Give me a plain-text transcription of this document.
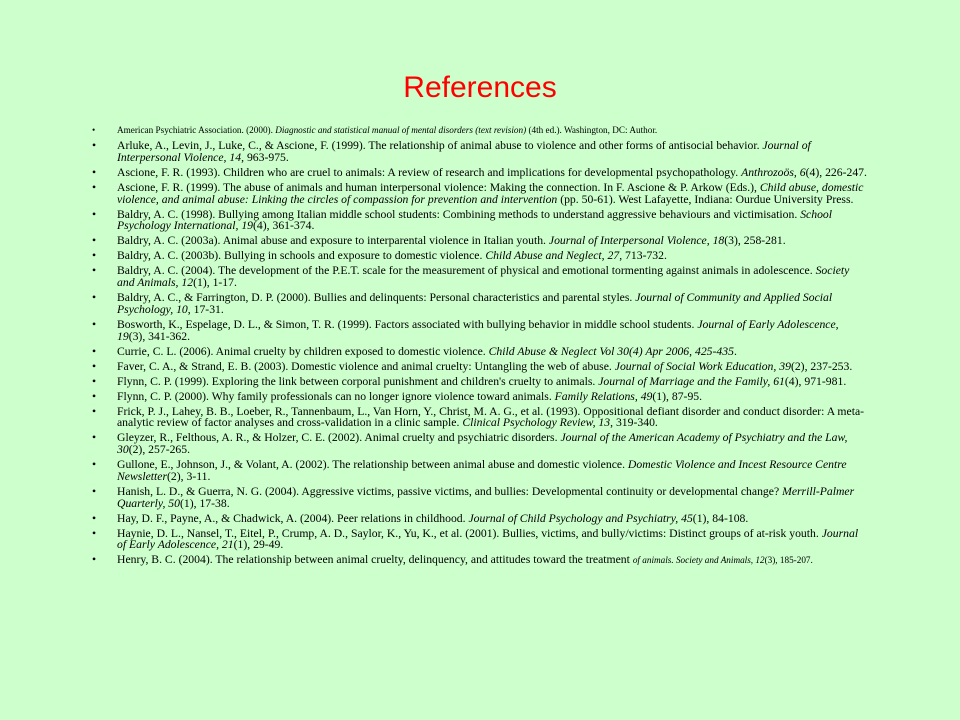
References
• American Psychiatric Association. (2000). Diagnostic and statistical manual of mental disorders (text revision) (4th ed.). Washington, DC: Author.
• Arluke, A., Levin, J., Luke, C., & Ascione, F. (1999). The relationship of animal abuse to violence and other forms of antisocial behavior. Journal of Interpersonal Violence, 14, 963-975.
• Ascione, F. R. (1993). Children who are cruel to animals: A review of research and implications for developmental psychopathology. Anthrozoös, 6(4), 226-247.
• Ascione, F. R. (1999). The abuse of animals and human interpersonal violence: Making the connection. In F. Ascione & P. Arkow (Eds.), Child abuse, domestic violence, and animal abuse: Linking the circles of compassion for prevention and intervention (pp. 50-61). West Lafayette, Indiana: Ourdue University Press.
• Baldry, A. C. (1998). Bullying among Italian middle school students: Combining methods to understand aggressive behaviours and victimisation. School Psychology International, 19(4), 361-374.
• Baldry, A. C. (2003a). Animal abuse and exposure to interparental violence in Italian youth. Journal of Interpersonal Violence, 18(3), 258-281.
• Baldry, A. C. (2003b). Bullying in schools and exposure to domestic violence. Child Abuse and Neglect, 27, 713-732.
• Baldry, A. C. (2004). The development of the P.E.T. scale for the measurement of physical and emotional tormenting against animals in adolescence. Society and Animals, 12(1), 1-17.
• Baldry, A. C., & Farrington, D. P. (2000). Bullies and delinquents: Personal characteristics and parental styles. Journal of Community and Applied Social Psychology, 10, 17-31.
• Bosworth, K., Espelage, D. L., & Simon, T. R. (1999). Factors associated with bullying behavior in middle school students. Journal of Early Adolescence, 19(3), 341-362.
• Currie, C. L. (2006). Animal cruelty by children exposed to domestic violence. Child Abuse & Neglect Vol 30(4) Apr 2006, 425-435.
• Faver, C. A., & Strand, E. B. (2003). Domestic violence and animal cruelty: Untangling the web of abuse. Journal of Social Work Education, 39(2), 237-253.
• Flynn, C. P. (1999). Exploring the link between corporal punishment and children's cruelty to animals. Journal of Marriage and the Family, 61(4), 971-981.
• Flynn, C. P. (2000). Why family professionals can no longer ignore violence toward animals. Family Relations, 49(1), 87-95.
• Frick, P. J., Lahey, B. B., Loeber, R., Tannenbaum, L., Van Horn, Y., Christ, M. A. G., et al. (1993). Oppositional defiant disorder and conduct disorder: A meta-analytic review of factor analyses and cross-validation in a clinic sample. Clinical Psychology Review, 13, 319-340.
• Gleyzer, R., Felthous, A. R., & Holzer, C. E. (2002). Animal cruelty and psychiatric disorders. Journal of the American Academy of Psychiatry and the Law, 30(2), 257-265.
• Gullone, E., Johnson, J., & Volant, A. (2002). The relationship between animal abuse and domestic violence. Domestic Violence and Incest Resource Centre Newsletter(2), 3-11.
• Hanish, L. D., & Guerra, N. G. (2004). Aggressive victims, passive victims, and bullies: Developmental continuity or developmental change? Merrill-Palmer Quarterly, 50(1), 17-38.
• Hay, D. F., Payne, A., & Chadwick, A. (2004). Peer relations in childhood. Journal of Child Psychology and Psychiatry, 45(1), 84-108.
• Haynie, D. L., Nansel, T., Eitel, P., Crump, A. D., Saylor, K., Yu, K., et al. (2001). Bullies, victims, and bully/victims: Distinct groups of at-risk youth. Journal of Early Adolescence, 21(1), 29-49.
• Henry, B. C. (2004). The relationship between animal cruelty, delinquency, and attitudes toward the treatment of animals. Society and Animals, 12(3), 185-207.
